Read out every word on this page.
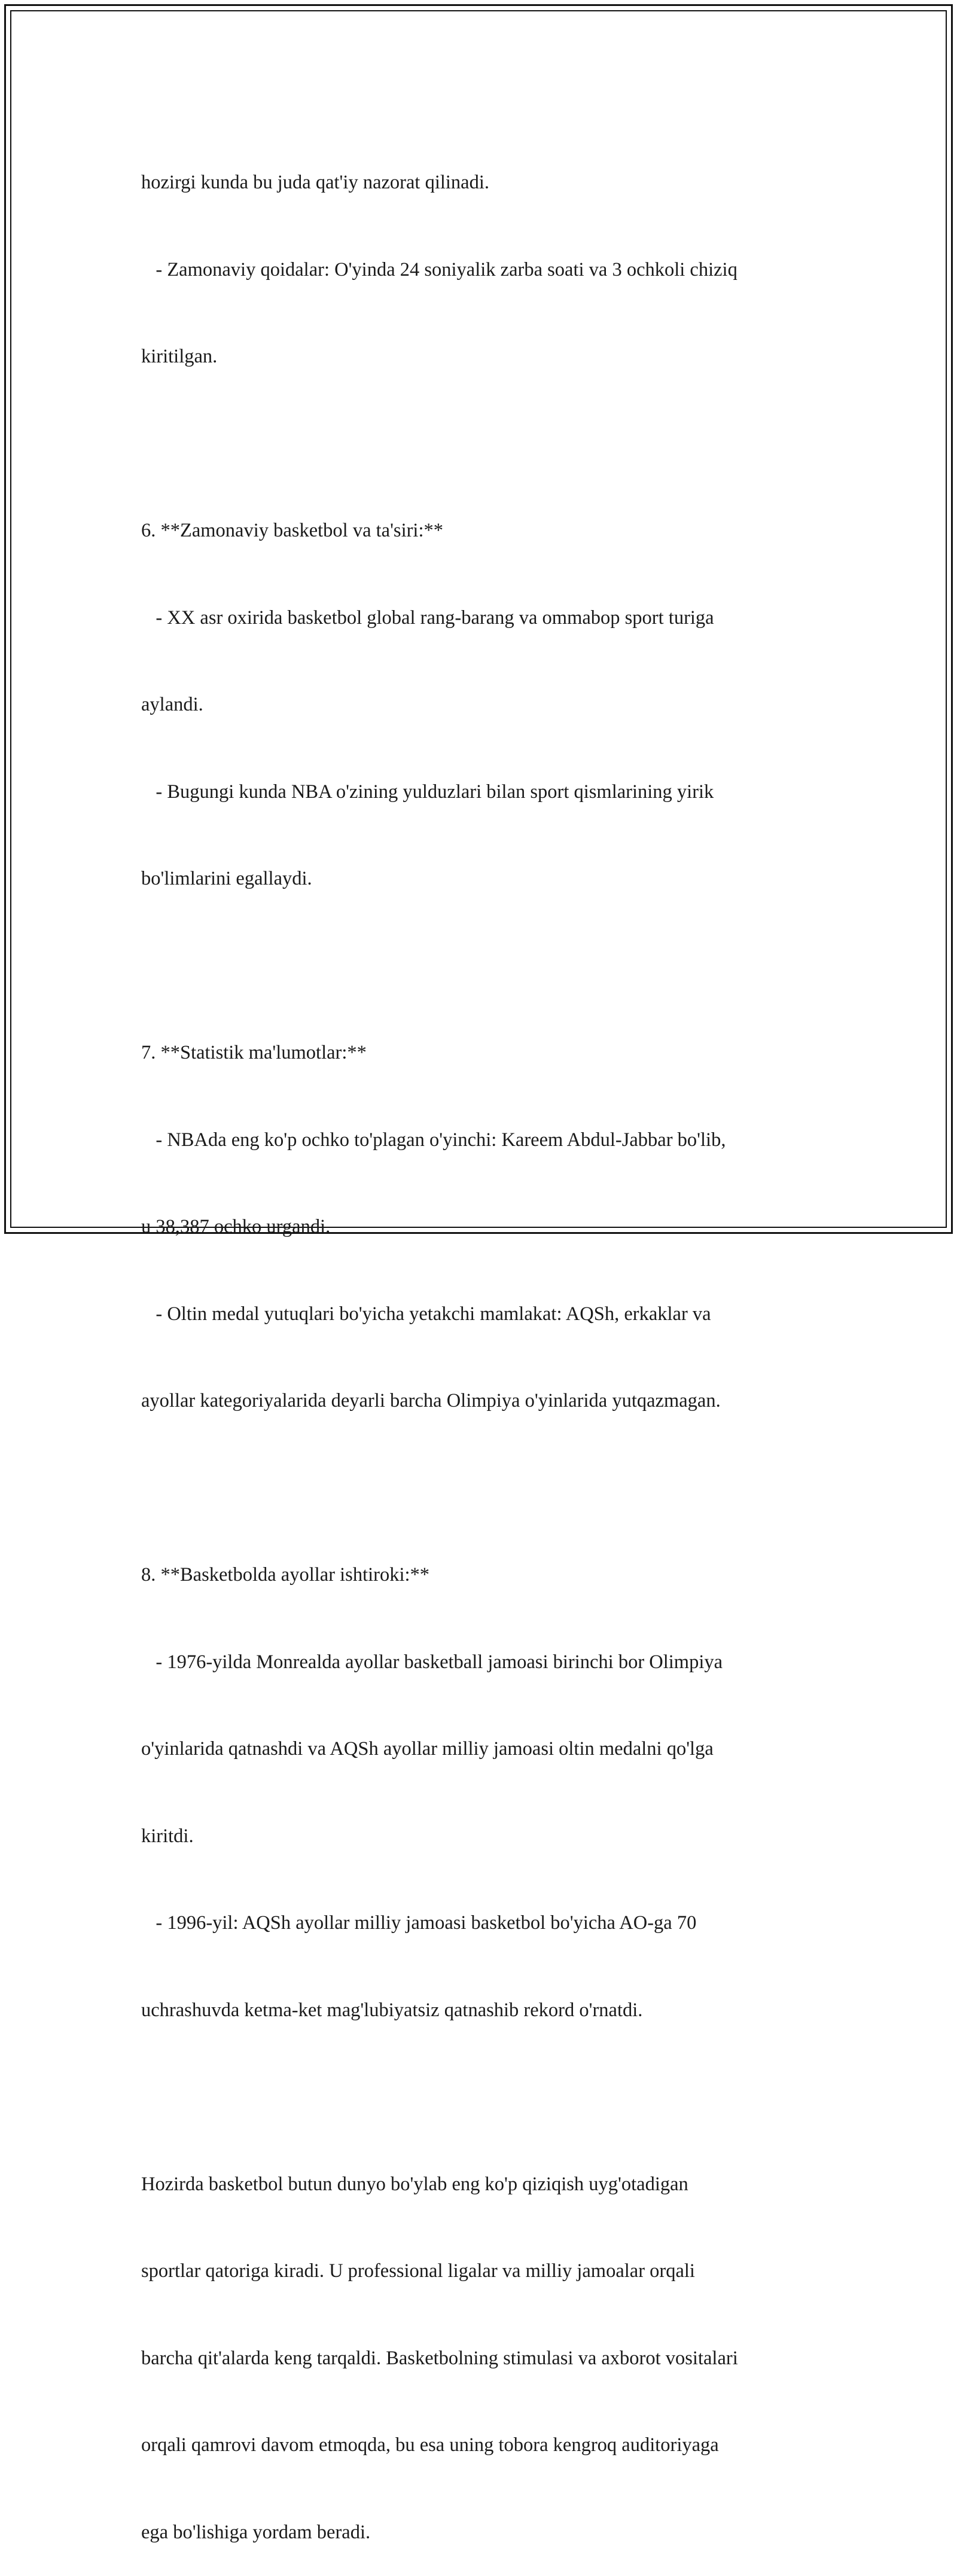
hozirgi kunda bu juda qat'iy nazorat qilinadi.

- Zamonaviy qoidalar: O'yinda 24 soniyalik zarba soati va 3 ochkoli chiziq

kiritilgan.

6. **Zamonaviy basketbol va ta'siri:**

- XX asr oxirida basketbol global rang-barang va ommabop sport turiga

aylandi.

- Bugungi kunda NBA o'zining yulduzlari bilan sport qismlarining yirik

bo'limlarini egallaydi.

7. **Statistik ma'lumotlar:**

- NBAda eng ko'p ochko to'plagan o'yinchi: Kareem Abdul-Jabbar bo'lib,

u 38,387 ochko urgandi.

- Oltin medal yutuqlari bo'yicha yetakchi mamlakat: AQSh, erkaklar va

ayollar kategoriyalarida deyarli barcha Olimpiya o'yinlarida yutqazmagan.

8. **Basketbolda ayollar ishtiroki:**

- 1976-yilda Monrealda ayollar basketball jamoasi birinchi bor Olimpiya

o'yinlarida qatnashdi va AQSh ayollar milliy jamoasi oltin medalni qo'lga

kiritdi.

- 1996-yil: AQSh ayollar milliy jamoasi basketbol bo'yicha AO-ga 70

uchrashuvda ketma-ket mag'lubiyatsiz qatnashib rekord o'rnatdi.

Hozirda basketbol butun dunyo bo'ylab eng ko'p qiziqish uyg'otadigan

sportlar qatoriga kiradi. U professional ligalar va milliy jamoalar orqali

barcha qit'alarda keng tarqaldi. Basketbolning stimulasi va axborot vositalari

orqali qamrovi davom etmoqda, bu esa uning tobora kengroq auditoriyaga

ega bo'lishiga yordam beradi.
